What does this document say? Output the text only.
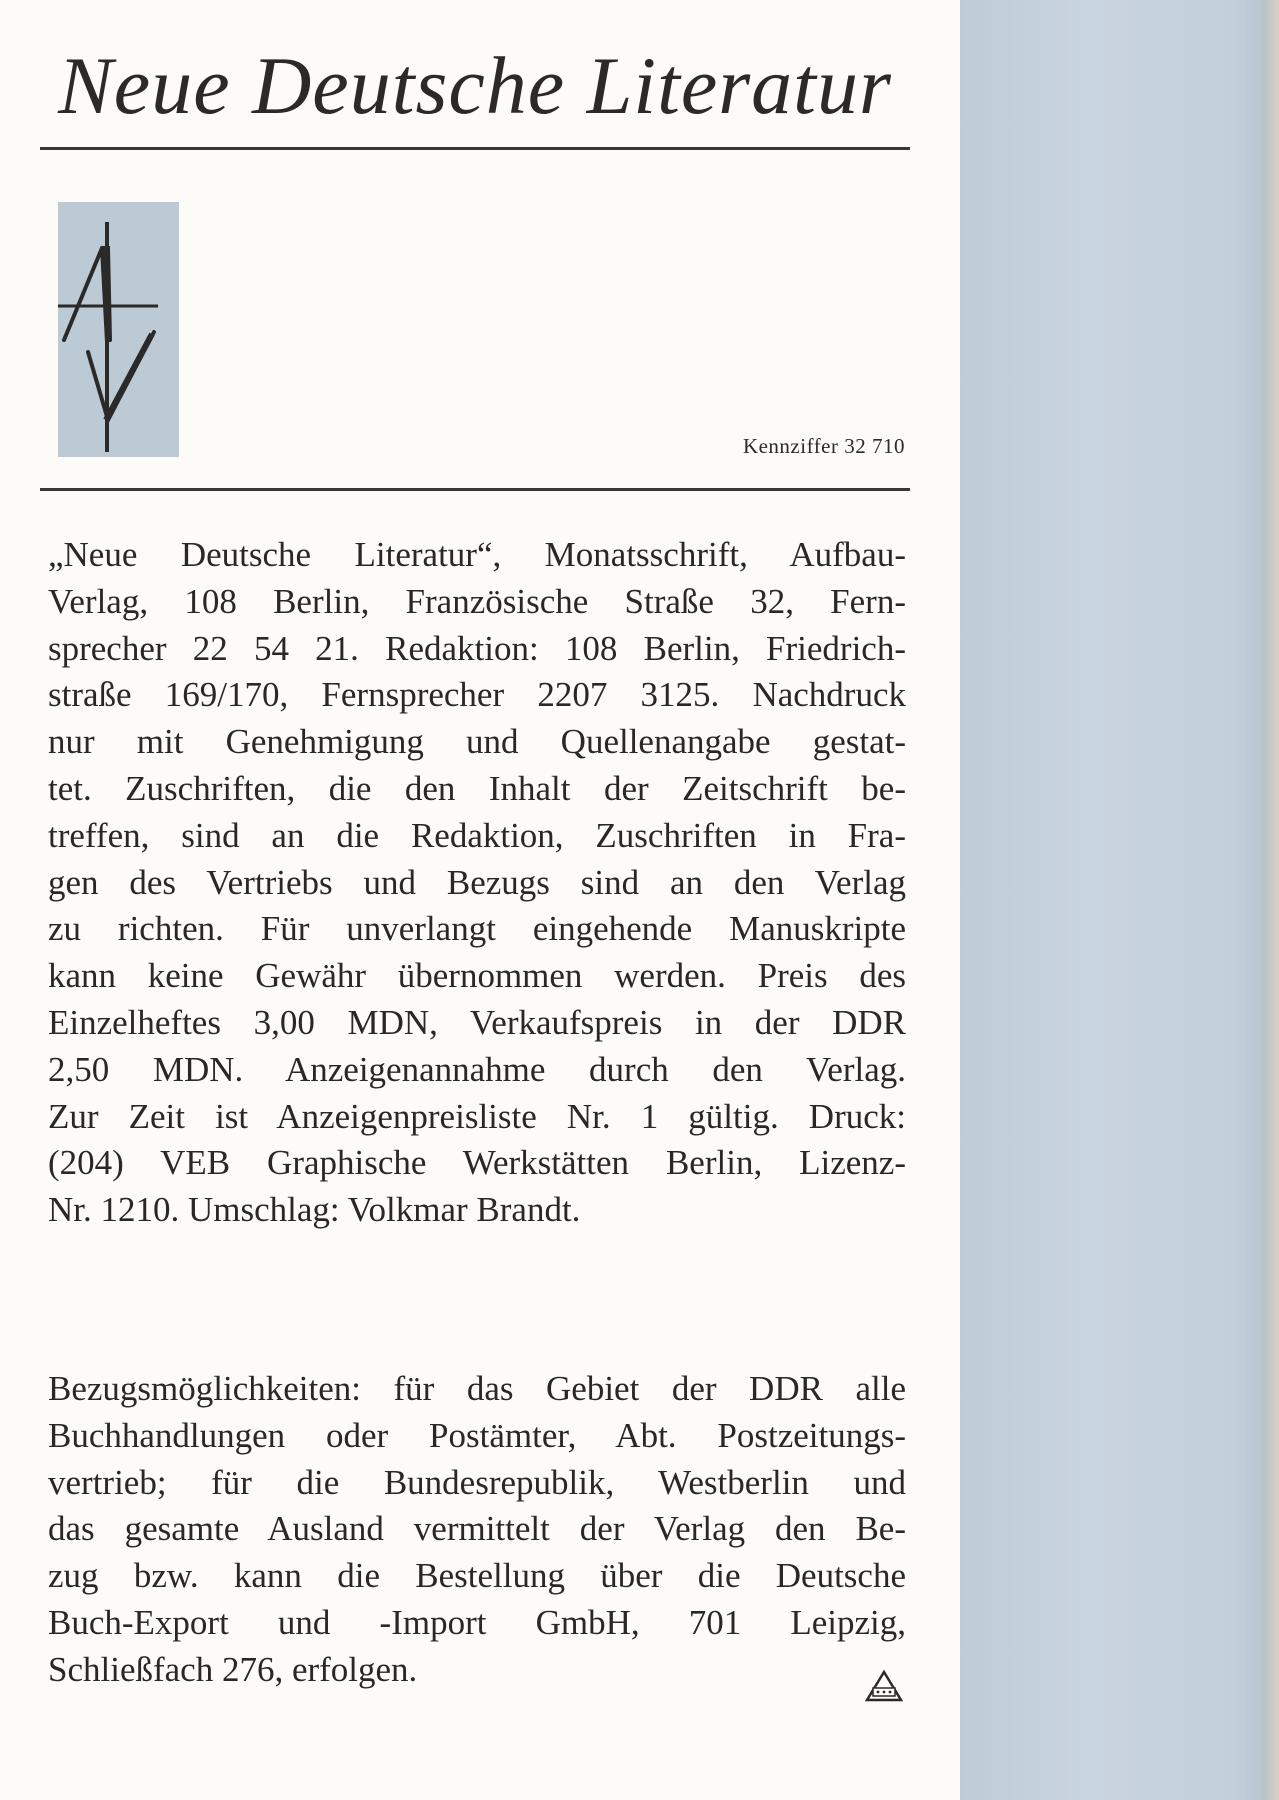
Neue Deutsche Literatur
Kennziffer 32 710
„Neue Deutsche Literatur“, Monatsschrift, Aufbau-
Verlag, 108 Berlin, Französische Straße 32, Fern-
sprecher 22 54 21. Redaktion: 108 Berlin, Friedrich-
straße 169/170, Fernsprecher 2207 3125. Nachdruck
nur mit Genehmigung und Quellenangabe gestat-
tet. Zuschriften, die den Inhalt der Zeitschrift be-
treffen, sind an die Redaktion, Zuschriften in Fra-
gen des Vertriebs und Bezugs sind an den Verlag
zu richten. Für unverlangt eingehende Manuskripte
kann keine Gewähr übernommen werden. Preis des
Einzelheftes 3,00 MDN, Verkaufspreis in der DDR
2,50 MDN. Anzeigenannahme durch den Verlag.
Zur Zeit ist Anzeigenpreisliste Nr. 1 gültig. Druck:
(204) VEB Graphische Werkstätten Berlin, Lizenz-
Nr. 1210. Umschlag: Volkmar Brandt.
Bezugsmöglichkeiten: für das Gebiet der DDR alle
Buchhandlungen oder Postämter, Abt. Postzeitungs-
vertrieb; für die Bundesrepublik, Westberlin und
das gesamte Ausland vermittelt der Verlag den Be-
zug bzw. kann die Bestellung über die Deutsche
Buch-Export und -Import GmbH, 701 Leipzig,
Schließfach 276, erfolgen.
